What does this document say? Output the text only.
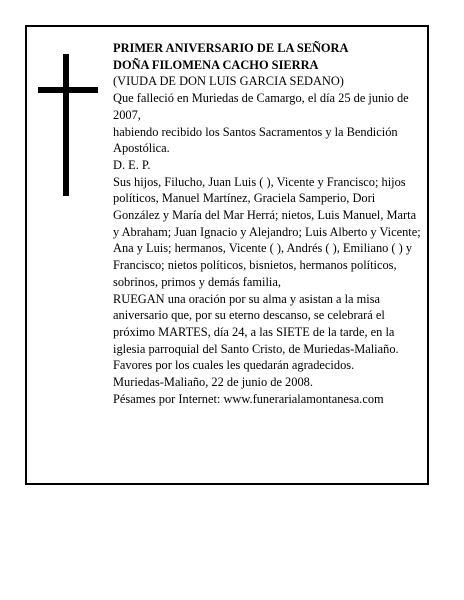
PRIMER ANIVERSARIO DE LA SEÑORA

DOÑA FILOMENA CACHO SIERRA

(VIUDA DE DON LUIS GARCIA SEDANO)

Que falleció en Muriedas de Camargo, el día 25 de junio de 2007,

habiendo recibido los Santos Sacramentos y la Bendición Apostólica.

D. E. P.

Sus hijos, Filucho, Juan Luis ( ), Vicente y Francisco; hijos políticos, Manuel Martínez, Graciela Samperio, Dori González y María del Mar Herrá; nietos, Luis Manuel, Marta y Abraham; Juan Ignacio y Alejandro; Luis Alberto y Vicente; Ana y Luis; hermanos, Vicente ( ), Andrés ( ), Emiliano ( ) y Francisco; nietos políticos, bisnietos, hermanos políticos, sobrinos, primos y demás familia,

RUEGAN una oración por su alma y asistan a la misa aniversario que, por su eterno descanso, se celebrará el próximo MARTES, día 24, a las SIETE de la tarde, en la iglesia parroquial del Santo Cristo, de Muriedas-Maliaño. Favores por los cuales les quedarán agradecidos.

Muriedas-Maliaño, 22 de junio de 2008.

Pésames por Internet: www.funerarialamontanesa.com
